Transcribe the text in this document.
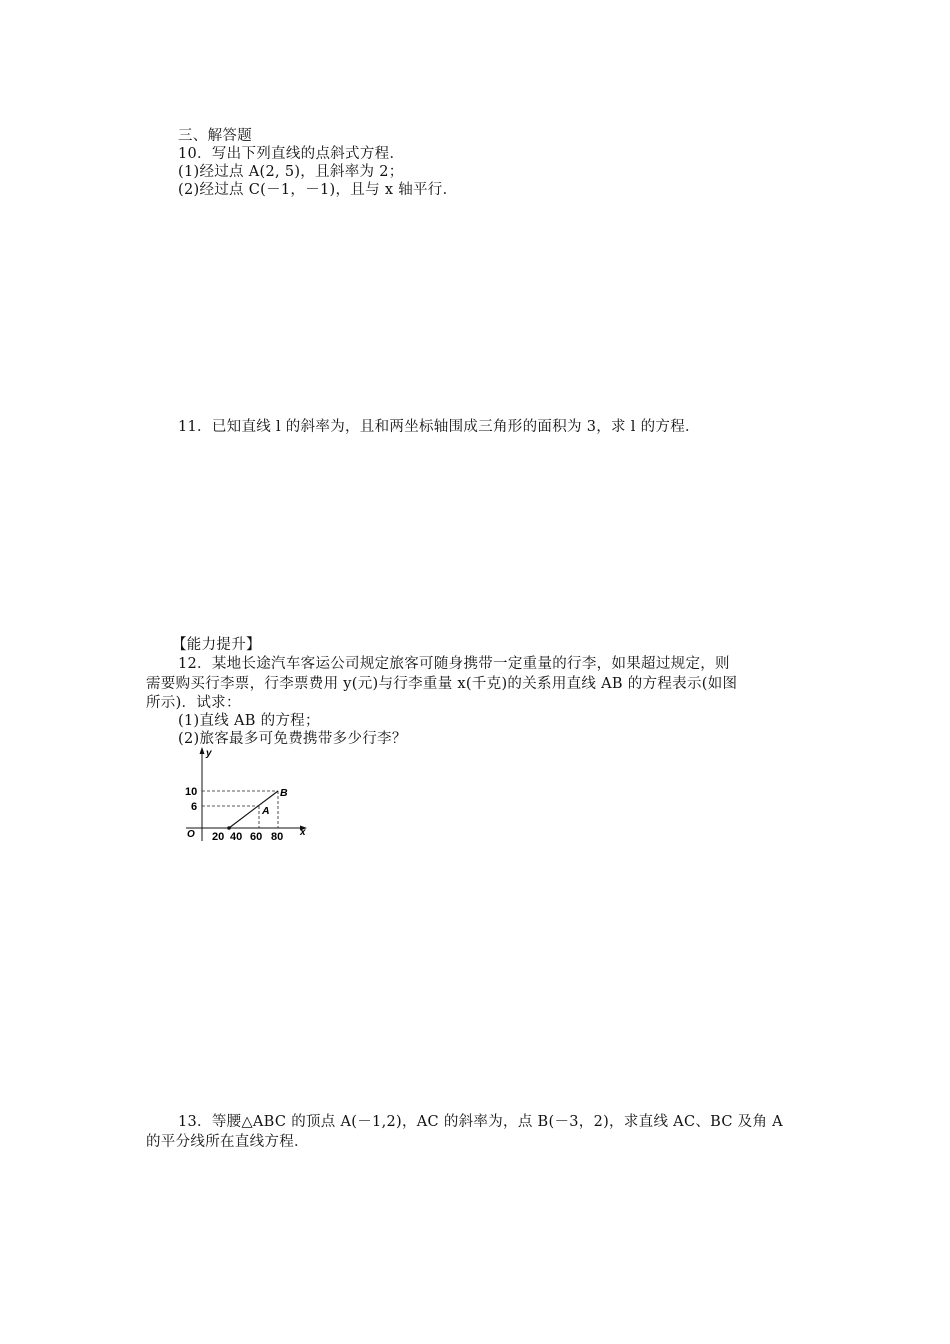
三、解答题
10．写出下列直线的点斜式方程．
(1)经过点 A(2, 5)，且斜率为 2；
(2)经过点 C(－1，－1)，且与 x 轴平行．
11．已知直线 l 的斜率为，且和两坐标轴围成三角形的面积为 3，求 l 的方程．
【能力提升】
12．某地长途汽车客运公司规定旅客可随身携带一定重量的行李，如果超过规定，则
需要购买行李票，行李票费用 y(元)与行李重量 x(千克)的关系用直线 AB 的方程表示(如图
所示)．试求：
(1)直线 AB 的方程；
(2)旅客最多可免费携带多少行李？
y
x
O
10
6
20 40 60 80
A
B
13．等腰△ABC 的顶点 A(－1,2)，AC 的斜率为，点 B(－3，2)，求直线 AC、BC 及角 A
的平分线所在直线方程．
